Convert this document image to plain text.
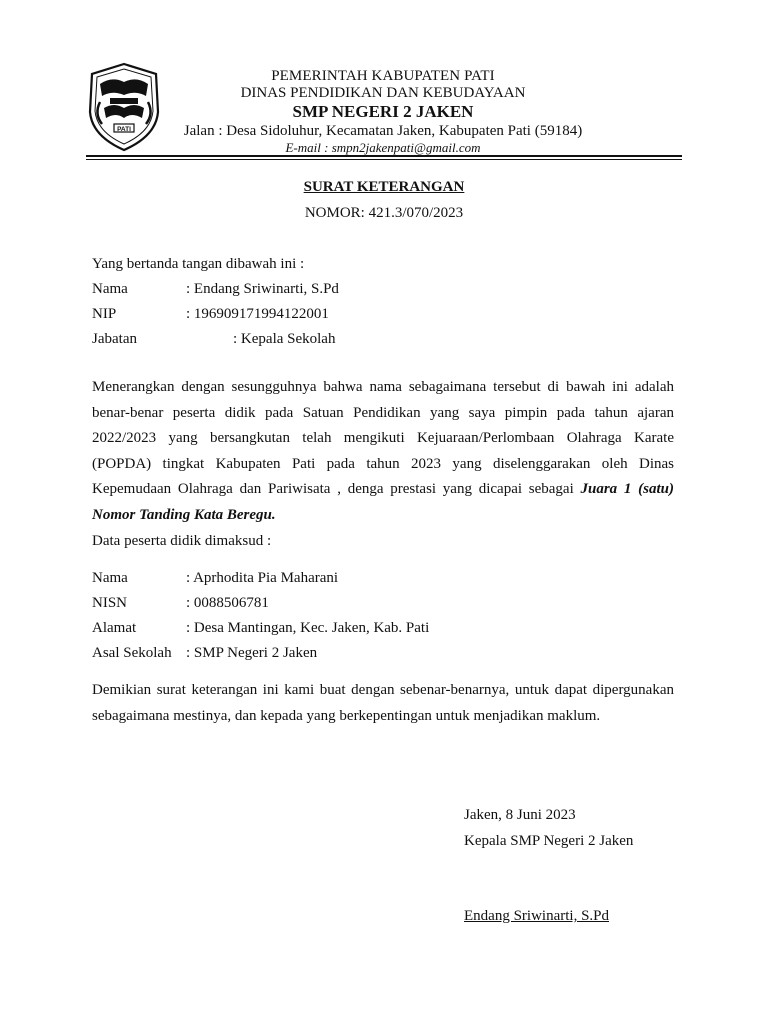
PATI
PEMERINTAH KABUPATEN PATI
DINAS PENDIDIKAN DAN KEBUDAYAAN
SMP NEGERI 2 JAKEN
Jalan : Desa Sidoluhur, Kecamatan Jaken, Kabupaten Pati (59184)
E-mail : smpn2jakenpati@gmail.com
SURAT KETERANGAN
NOMOR: 421.3/070/2023
Yang bertanda tangan dibawah ini :
Nama	: Endang Sriwinarti, S.Pd
NIP	: 196909171994122001
Jabatan	: Kepala Sekolah
Menerangkan dengan sesungguhnya bahwa nama sebagaimana tersebut di bawah ini adalah benar-benar peserta didik pada Satuan Pendidikan yang saya pimpin pada tahun ajaran 2022/2023 yang bersangkutan telah mengikuti Kejuaraan/Perlombaan Olahraga Karate (POPDA) tingkat Kabupaten Pati pada tahun 2023 yang diselenggarakan oleh Dinas Kepemudaan Olahraga dan Pariwisata , denga prestasi yang dicapai sebagai Juara 1 (satu) Nomor Tanding Kata Beregu.
Data peserta didik dimaksud :
Nama	: Aprhodita Pia Maharani
NISN	: 0088506781
Alamat	: Desa Mantingan, Kec. Jaken, Kab. Pati
Asal Sekolah : SMP Negeri 2 Jaken
Demikian surat keterangan ini kami buat dengan sebenar-benarnya, untuk dapat dipergunakan sebagaimana mestinya, dan kepada yang berkepentingan untuk menjadikan maklum.
Jaken, 8 Juni 2023
Kepala SMP Negeri 2 Jaken
Endang Sriwinarti, S.Pd
